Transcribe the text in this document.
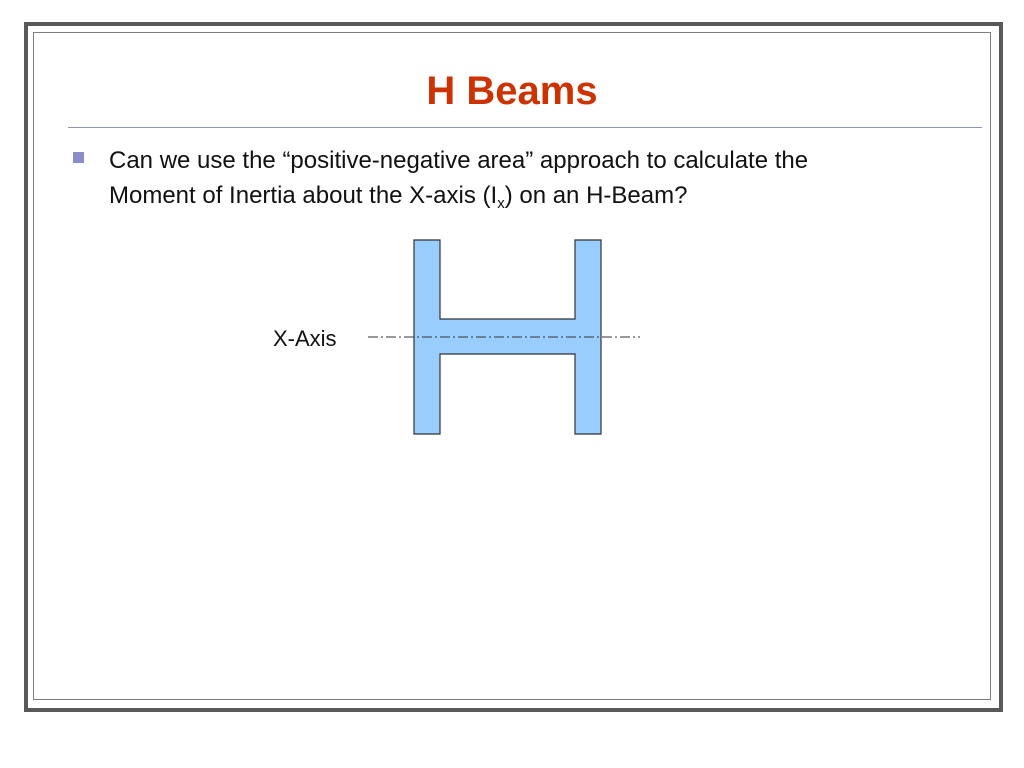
H Beams
Can we use the “positive-negative area” approach to calculate the
Moment of Inertia about the X-axis $(I_x)$ on an H-Beam?
X-Axis
